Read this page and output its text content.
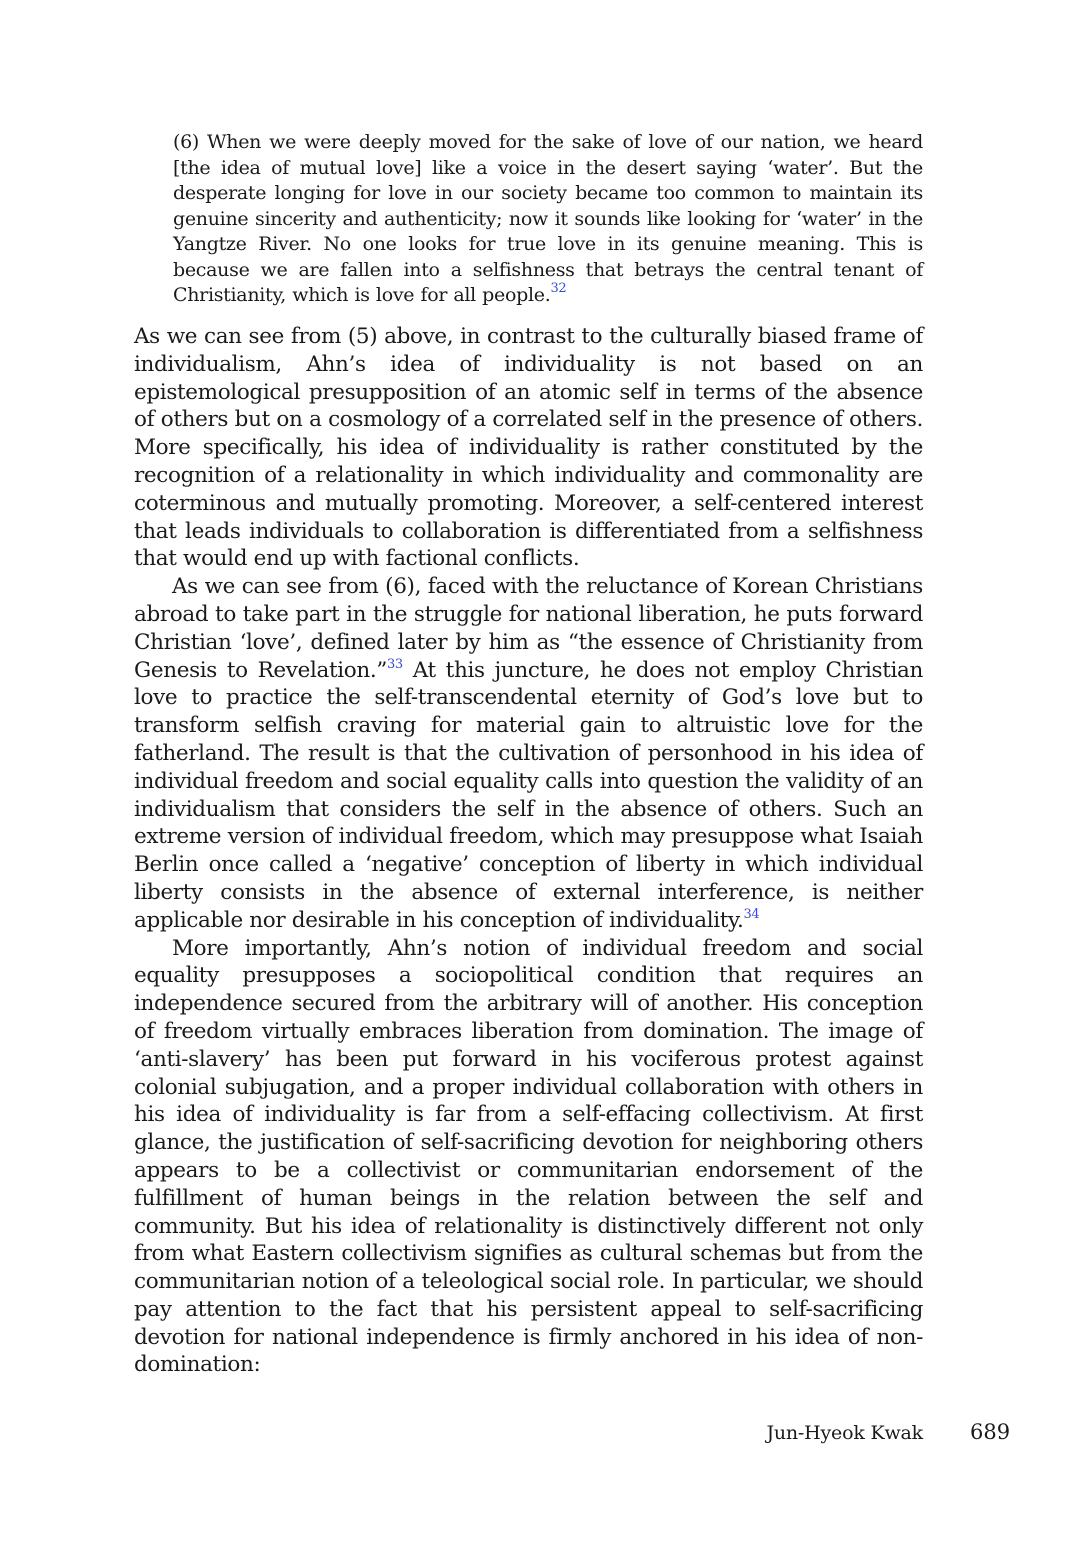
(6) When we were deeply moved for the sake of love of our nation, we heard [the idea of mutual love] like a voice in the desert saying ‘water’. But the desperate longing for love in our society became too common to maintain its genuine sincerity and authenticity; now it sounds like looking for ‘water’ in the Yangtze River. No one looks for true love in its genuine meaning. This is because we are fallen into a selfishness that betrays the central tenant of Christianity, which is love for all people.$^{32}$

As we can see from (5) above, in contrast to the culturally biased frame of individualism, Ahn’s idea of individuality is not based on an epistemological presupposition of an atomic self in terms of the absence of others but on a cosmology of a correlated self in the presence of others. More specifically, his idea of individuality is rather constituted by the recognition of a relationality in which individuality and commonality are coterminous and mutually promoting. Moreover, a self-centered interest that leads individuals to collaboration is differentiated from a selfishness that would end up with factional conflicts.

As we can see from (6), faced with the reluctance of Korean Christians abroad to take part in the struggle for national liberation, he puts forward Christian ‘love’, defined later by him as “the essence of Christianity from Genesis to Revelation.”$^{33}$ At this juncture, he does not employ Christian love to practice the self-transcendental eternity of God’s love but to transform selfish craving for material gain to altruistic love for the fatherland. The result is that the cultivation of personhood in his idea of individual freedom and social equality calls into question the validity of an individualism that considers the self in the absence of others. Such an extreme version of individual freedom, which may presuppose what Isaiah Berlin once called a ‘negative’ conception of liberty in which individual liberty consists in the absence of external interference, is neither applicable nor desirable in his conception of individuality.$^{34}$

More importantly, Ahn’s notion of individual freedom and social equality presupposes a sociopolitical condition that requires an independence secured from the arbitrary will of another. His conception of freedom virtually embraces liberation from domination. The image of ‘anti-slavery’ has been put forward in his vociferous protest against colonial subjugation, and a proper individual collaboration with others in his idea of individuality is far from a self-effacing collectivism. At first glance, the justification of self-sacrificing devotion for neighboring others appears to be a collectivist or communitarian endorsement of the fulfillment of human beings in the relation between the self and community. But his idea of relationality is distinctively different not only from what Eastern collectivism signifies as cultural schemas but from the communitarian notion of a teleological social role. In particular, we should pay attention to the fact that his persistent appeal to self-sacrificing devotion for national independence is firmly anchored in his idea of non-domination:

Jun-Hyeok Kwak 689
